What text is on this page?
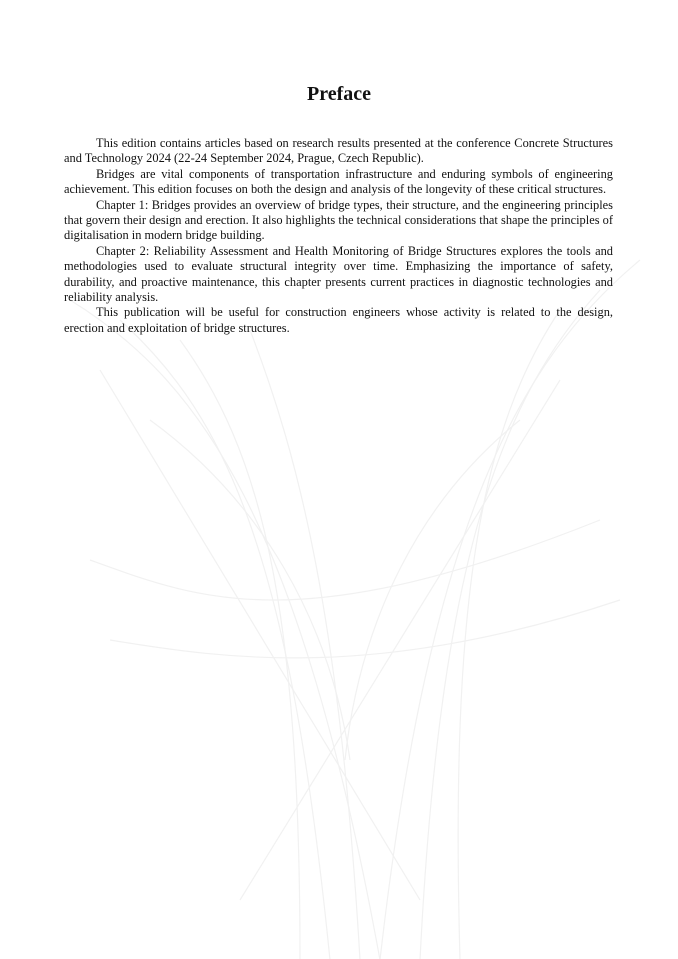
Preface

This edition contains articles based on research results presented at the conference Concrete Structures and Technology 2024 (22-24 September 2024, Prague, Czech Republic).

Bridges are vital components of transportation infrastructure and enduring symbols of engineering achievement. This edition focuses on both the design and analysis of the longevity of these critical structures.

Chapter 1: Bridges provides an overview of bridge types, their structure, and the engineering principles that govern their design and erection. It also highlights the technical considerations that shape the principles of digitalisation in modern bridge building.

Chapter 2: Reliability Assessment and Health Monitoring of Bridge Structures explores the tools and methodologies used to evaluate structural integrity over time. Emphasizing the importance of safety, durability, and proactive maintenance, this chapter presents current practices in diagnostic technologies and reliability analysis.

This publication will be useful for construction engineers whose activity is related to the design, erection and exploitation of bridge structures.
